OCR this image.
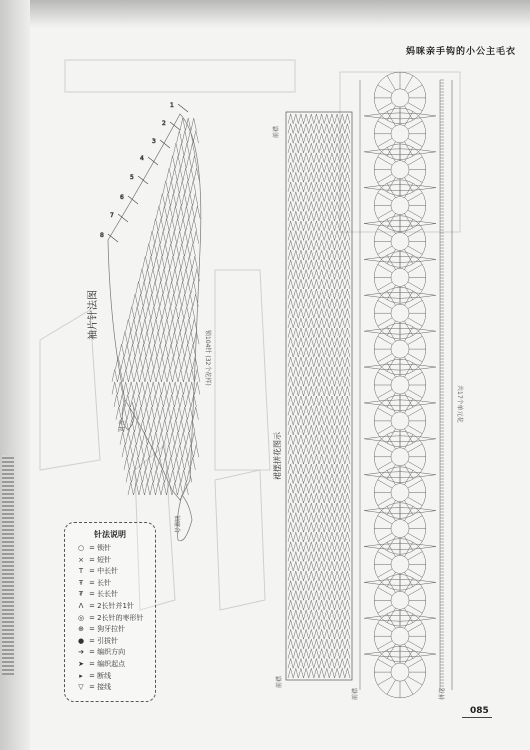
妈咪亲手钩的小公主毛衣
1
2
3
4
5
6
7
8
袖片针法图
锁104针 (32个花样)
对齐
袖窿合
裙摆拼花图示
前襟
前襟
前襟	拼花
共17个单元花
针法说明
○ = 锁针
× = 短针
T = 中长针
Ŧ = 长针
₮ = 长长针
Λ = 2长针并1针
◎ = 2长针的枣形针
⊕ = 狗牙拉针
● = 引拔针
➔ = 编织方向
➤ = 编织起点
▸ = 断线
▽ = 接线
085
